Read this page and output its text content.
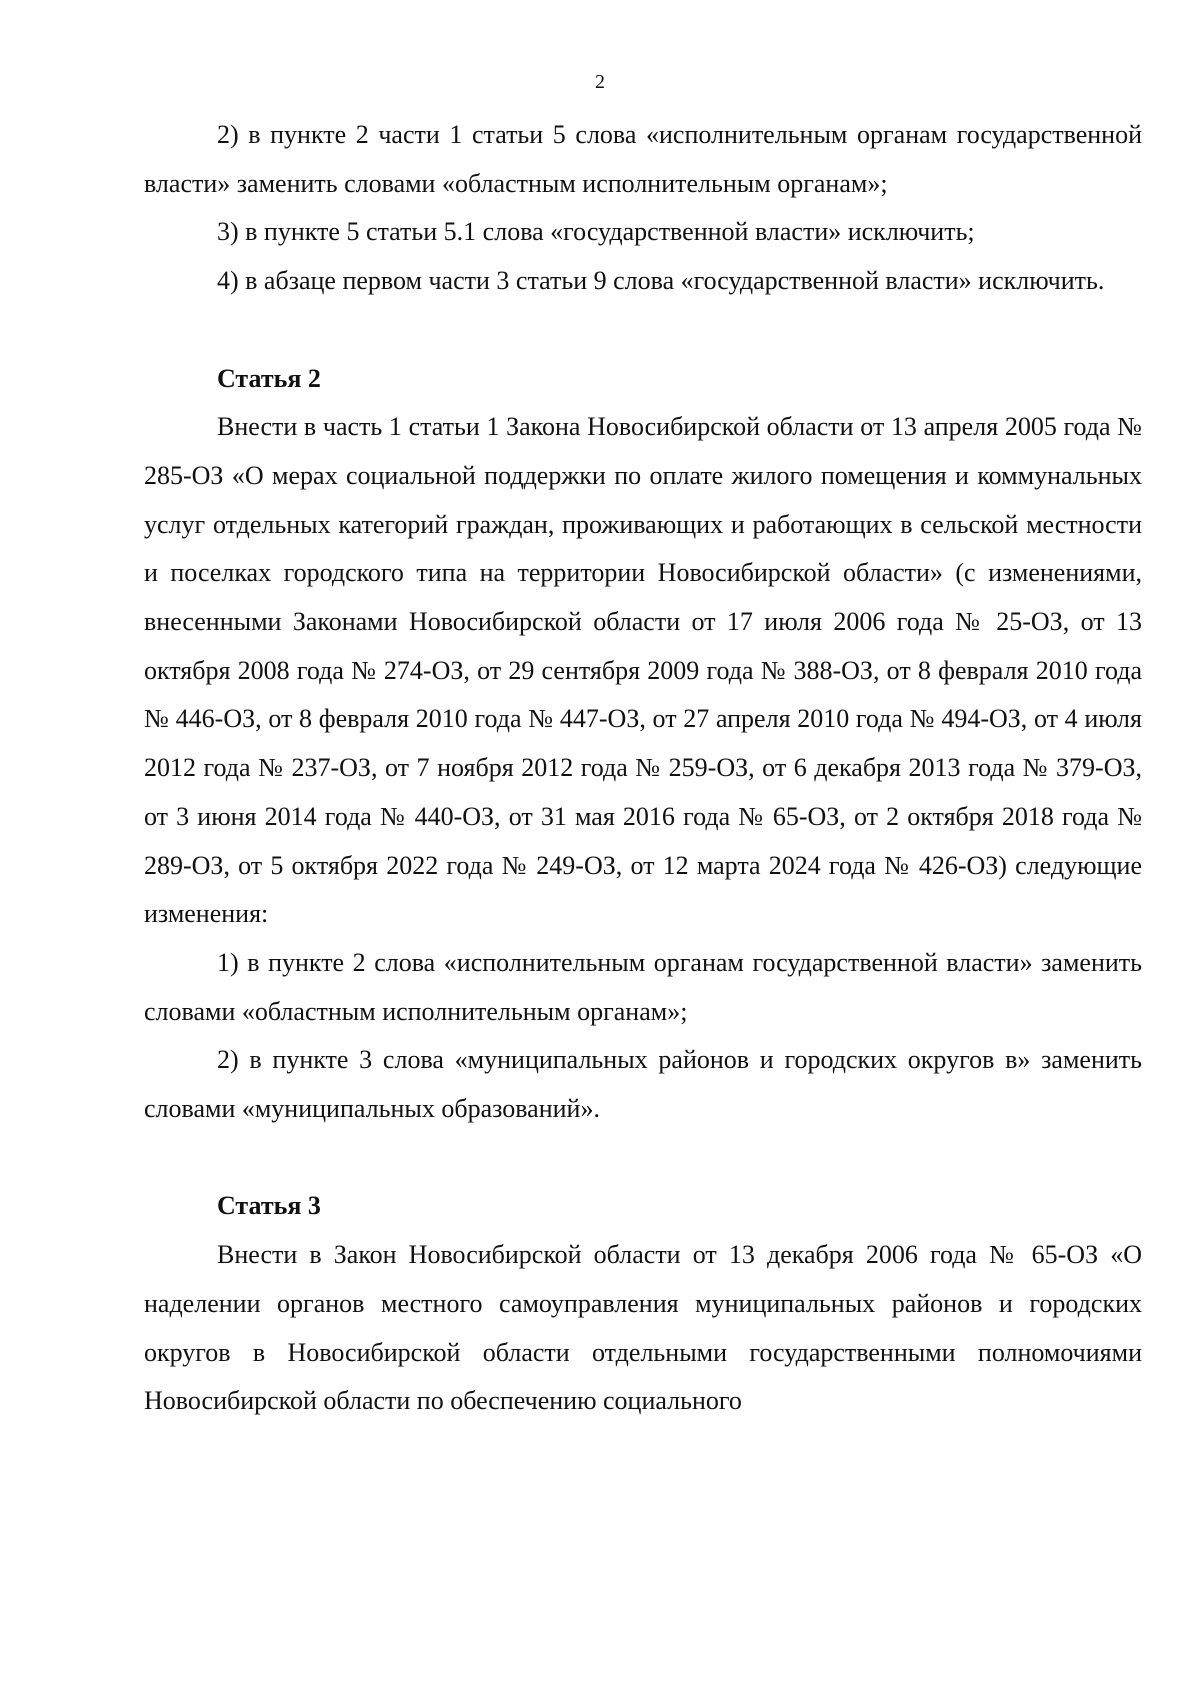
2

2) в пункте 2 части 1 статьи 5 слова «исполнительным органам государственной власти» заменить словами «областным исполнительным органам»;

3) в пункте 5 статьи 5.1 слова «государственной власти» исключить;

4) в абзаце первом части 3 статьи 9 слова «государственной власти» исключить.

Статья 2

Внести в часть 1 статьи 1 Закона Новосибирской области от 13 апреля 2005 года № 285-ОЗ «О мерах социальной поддержки по оплате жилого помещения и коммунальных услуг отдельных категорий граждан, проживающих и работающих в сельской местности и поселках городского типа на территории Новосибирской области» (с изменениями, внесенными Законами Новосибирской области от 17 июля 2006 года № 25-ОЗ, от 13 октября 2008 года № 274-ОЗ, от 29 сентября 2009 года № 388-ОЗ, от 8 февраля 2010 года № 446-ОЗ, от 8 февраля 2010 года № 447-ОЗ, от 27 апреля 2010 года № 494-ОЗ, от 4 июля 2012 года № 237-ОЗ, от 7 ноября 2012 года № 259-ОЗ, от 6 декабря 2013 года № 379-ОЗ, от 3 июня 2014 года № 440-ОЗ, от 31 мая 2016 года № 65-ОЗ, от 2 октября 2018 года № 289-ОЗ, от 5 октября 2022 года № 249-ОЗ, от 12 марта 2024 года № 426-ОЗ) следующие изменения:

1) в пункте 2 слова «исполнительным органам государственной власти» заменить словами «областным исполнительным органам»;

2) в пункте 3 слова «муниципальных районов и городских округов в» заменить словами «муниципальных образований».

Статья 3

Внести в Закон Новосибирской области от 13 декабря 2006 года № 65-ОЗ «О наделении органов местного самоуправления муниципальных районов и городских округов в Новосибирской области отдельными государственными полномочиями Новосибирской области по обеспечению социального
